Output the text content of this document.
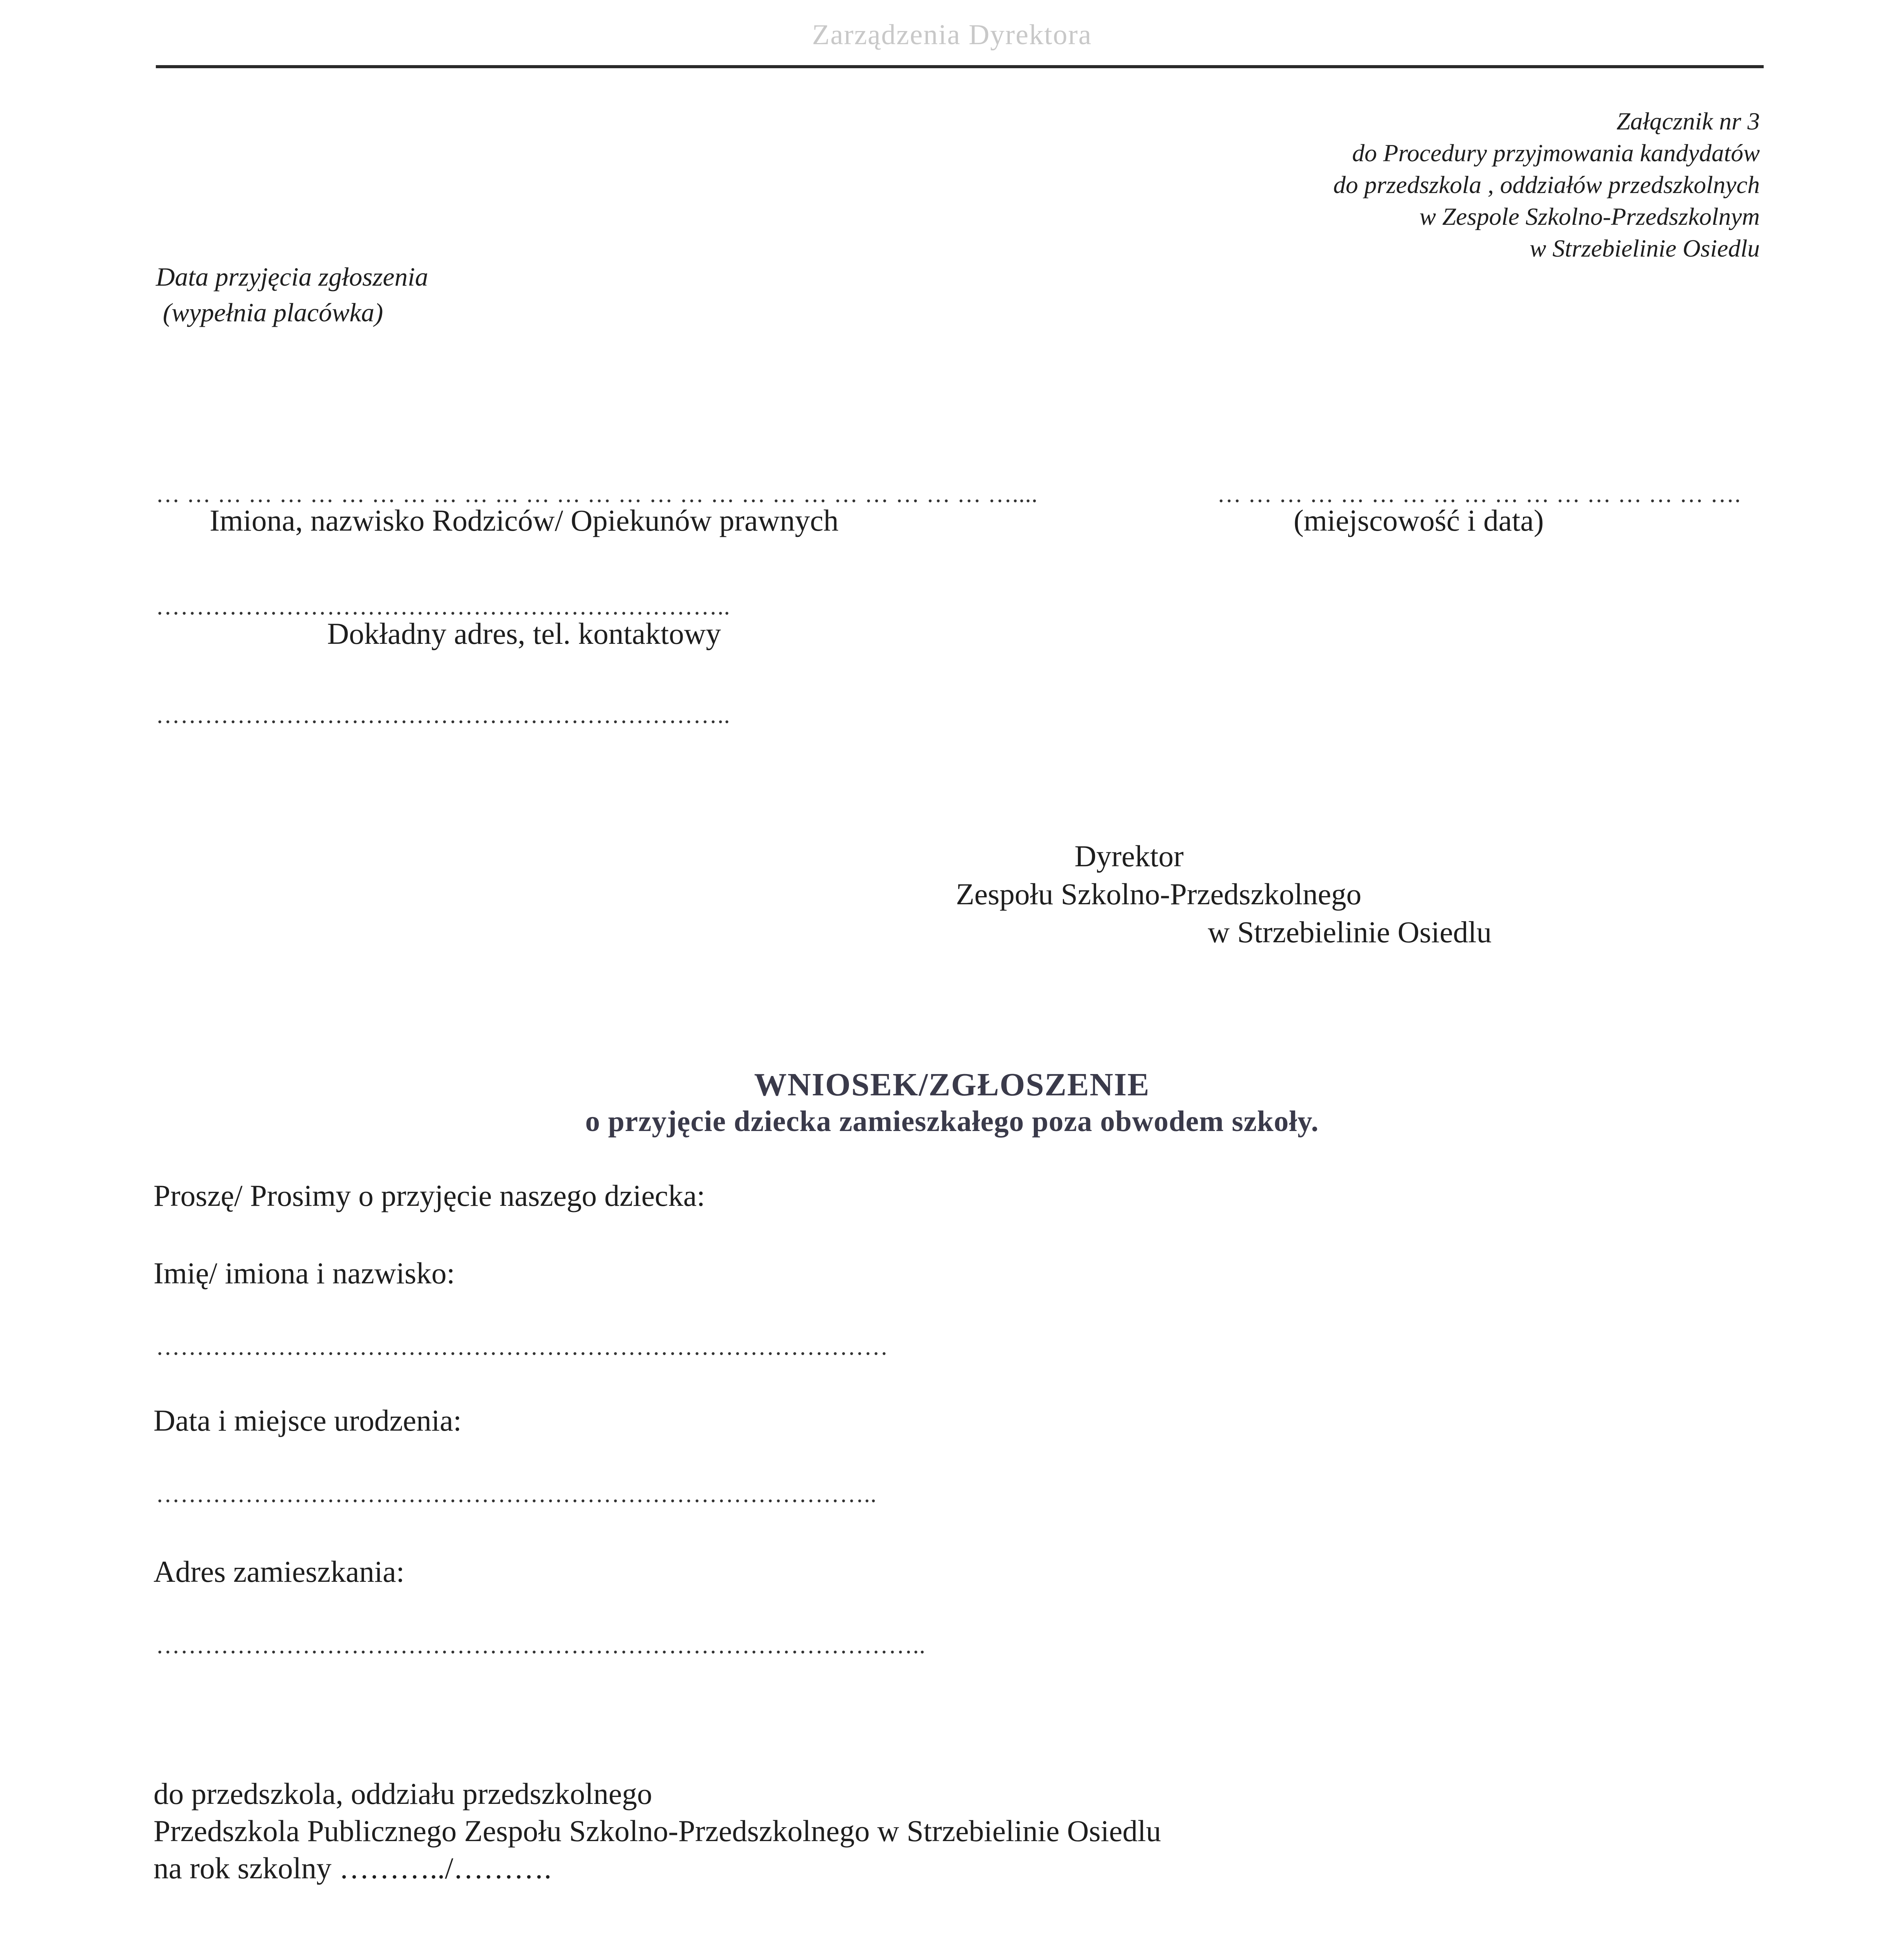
Zarządzenia Dyrektora
Załącznik nr 3
do Procedury przyjmowania kandydatów
do przedszkola , oddziałów przedszkolnych
w Zespole Szkolno-Przedszkolnym
w Strzebielinie Osiedlu
Data przyjęcia zgłoszenia
(wypełnia placówka)
… … … … … … … … … … … … … … … … … … … … … … … … … … … …....
Imiona, nazwisko Rodziców/ Opiekunów prawnych
… … … … … … … … … … … … … … … … ….
(miejscowość i data)
……………………………………………………………..
Dokładny adres, tel. kontaktowy
……………………………………………………………..
Dyrektor
Zespołu Szkolno-Przedszkolnego
w Strzebielinie Osiedlu
WNIOSEK/ZGŁOSZENIE
o przyjęcie dziecka zamieszkałego poza obwodem szkoły.
Proszę/ Prosimy o przyjęcie naszego dziecka:
Imię/ imiona i nazwisko:
………………………………………………………………………………
Data i miejsce urodzenia:
……………………………………………………………………………..
Adres zamieszkania:
…………………………………………………………………………………..
do przedszkola, oddziału przedszkolnego
Przedszkola Publicznego Zespołu Szkolno-Przedszkolnego w Strzebielinie Osiedlu
na rok szkolny ………../……….
